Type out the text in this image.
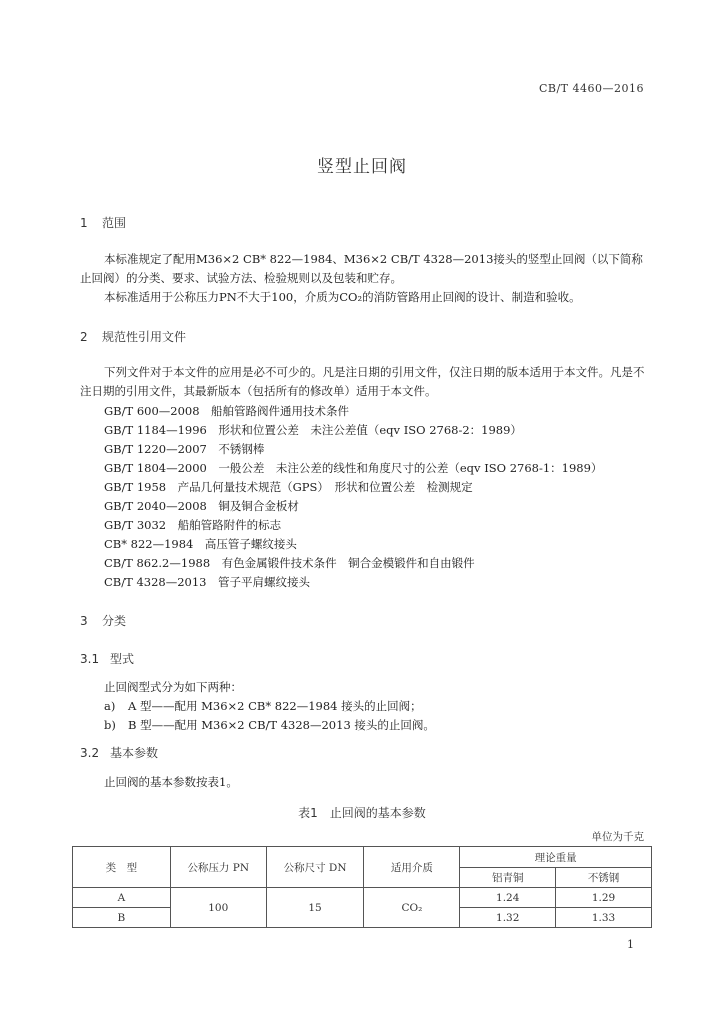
CB/T 4460—2016
竖型止回阀
1 范围
本标准规定了配用M36×2 CB* 822—1984、M36×2 CB/T 4328—2013接头的竖型止回阀（以下简称止回阀）的分类、要求、试验方法、检验规则以及包装和贮存。
本标准适用于公称压力PN不大于100，介质为CO₂的消防管路用止回阀的设计、制造和验收。
2 规范性引用文件
下列文件对于本文件的应用是必不可少的。凡是注日期的引用文件，仅注日期的版本适用于本文件。凡是不注日期的引用文件，其最新版本（包括所有的修改单）适用于本文件。
GB/T 600—2008　船舶管路阀件通用技术条件
GB/T 1184—1996　形状和位置公差　未注公差值（eqv ISO 2768-2：1989）
GB/T 1220—2007　不锈钢棒
GB/T 1804—2000　一般公差　未注公差的线性和角度尺寸的公差（eqv ISO 2768-1：1989）
GB/T 1958　产品几何量技术规范（GPS）　形状和位置公差　检测规定
GB/T 2040—2008　铜及铜合金板材
GB/T 3032　船舶管路附件的标志
CB* 822—1984　高压管子螺纹接头
CB/T 862.2—1988　有色金属锻件技术条件　铜合金模锻件和自由锻件
CB/T 4328—2013　管子平肩螺纹接头
3 分类
3.1 型式
止回阀型式分为如下两种：
a) A 型——配用 M36×2 CB* 822—1984 接头的止回阀；
b) B 型——配用 M36×2 CB/T 4328—2013 接头的止回阀。
3.2 基本参数
止回阀的基本参数按表1。
表1　止回阀的基本参数
单位为千克
类　型	公称压力 PN	公称尺寸 DN	适用介质	理论重量	
				铝青铜	不锈钢
A	100	15	CO₂	1.24	1.29
B				1.32	1.33
1
